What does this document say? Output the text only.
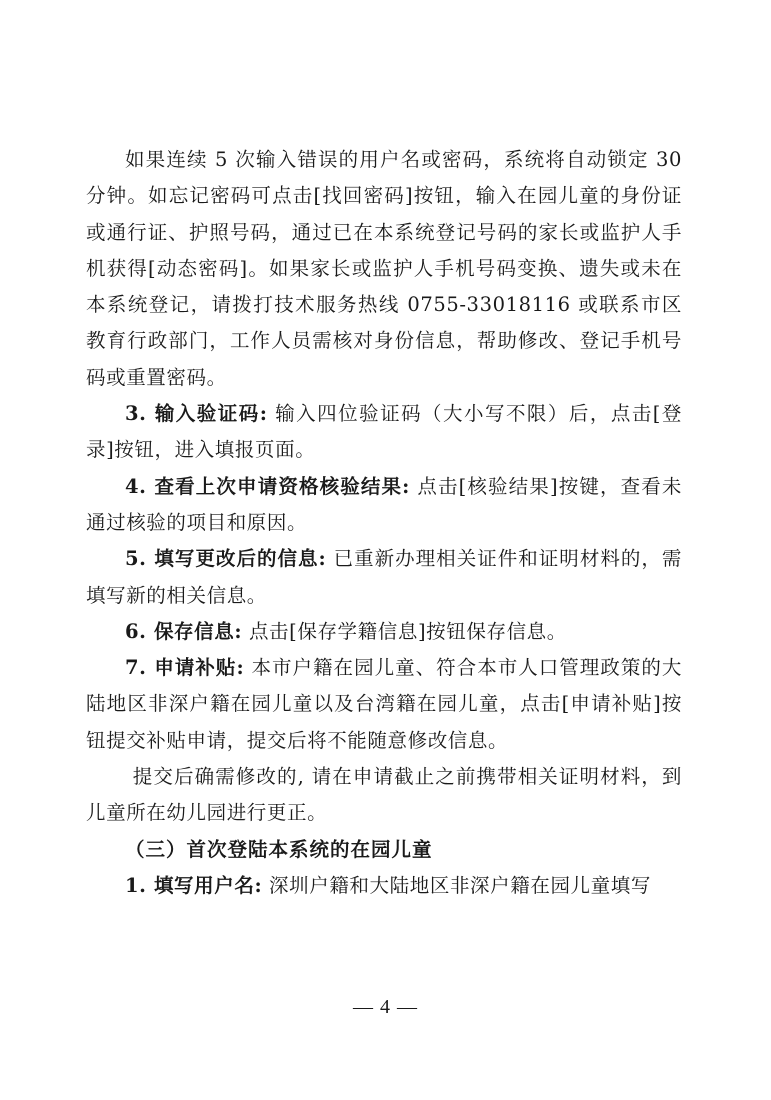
如果连续 5 次输入错误的用户名或密码，系统将自动锁定 30 分钟。如忘记密码可点击[找回密码]按钮，输入在园儿童的身份证或通行证、护照号码，通过已在本系统登记号码的家长或监护人手机获得[动态密码]。如果家长或监护人手机号码变换、遗失或未在本系统登记，请拨打技术服务热线 0755-33018116 或联系市区教育行政部门，工作人员需核对身份信息，帮助修改、登记手机号码或重置密码。

3. 输入验证码: 输入四位验证码（大小写不限）后，点击[登录]按钮，进入填报页面。

4. 查看上次申请资格核验结果: 点击[核验结果]按键，查看未通过核验的项目和原因。

5. 填写更改后的信息: 已重新办理相关证件和证明材料的，需填写新的相关信息。

6. 保存信息: 点击[保存学籍信息]按钮保存信息。

7. 申请补贴: 本市户籍在园儿童、符合本市人口管理政策的大陆地区非深户籍在园儿童以及台湾籍在园儿童，点击[申请补贴]按钮提交补贴申请，提交后将不能随意修改信息。

提交后确需修改的, 请在申请截止之前携带相关证明材料，到儿童所在幼儿园进行更正。

（三）首次登陆本系统的在园儿童

1. 填写用户名: 深圳户籍和大陆地区非深户籍在园儿童填写

— 4 —
